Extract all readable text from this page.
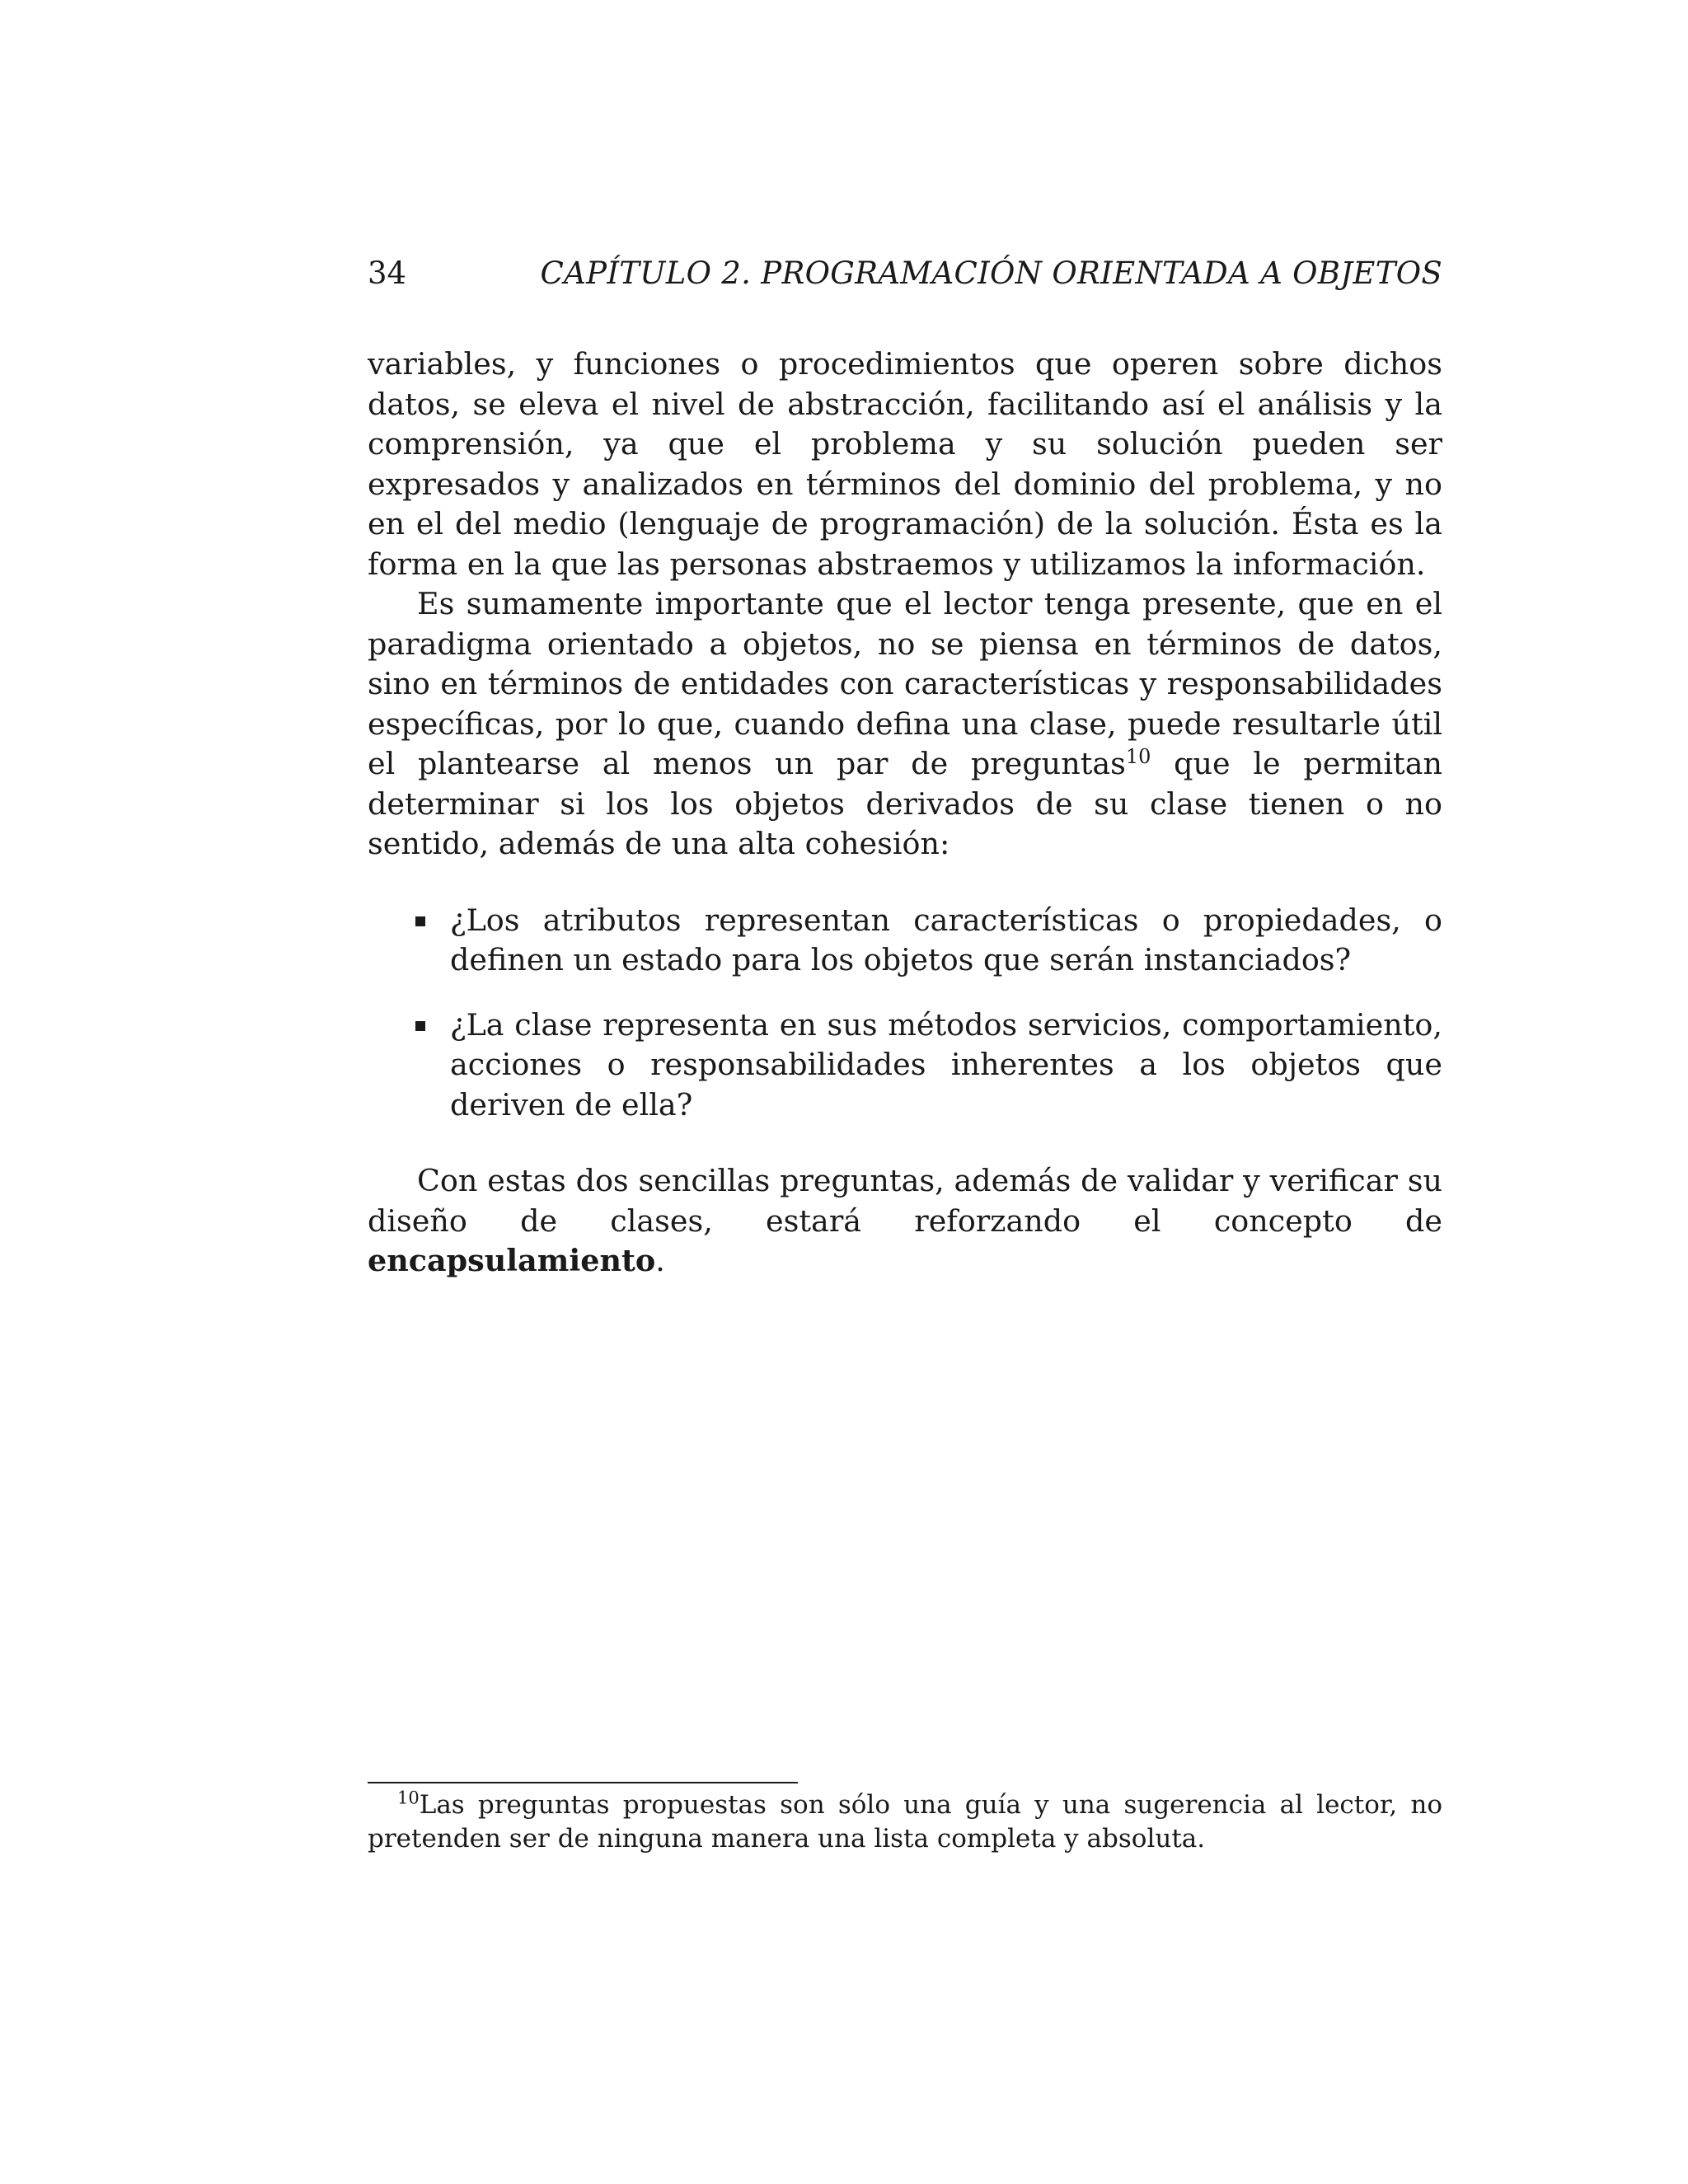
34	CAPÍTULO 2. PROGRAMACIÓN ORIENTADA A OBJETOS

variables, y funciones o procedimientos que operen sobre dichos datos, se eleva el nivel de abstracción, facilitando así el análisis y la comprensión, ya que el problema y su solución pueden ser expresados y analizados en términos del dominio del problema, y no en el del medio (lenguaje de programación) de la solución. Ésta es la forma en la que las personas abstraemos y utilizamos la información.

Es sumamente importante que el lector tenga presente, que en el paradigma orientado a objetos, no se piensa en términos de datos, sino en términos de entidades con características y responsabilidades específicas, por lo que, cuando defina una clase, puede resultarle útil el plantearse al menos un par de preguntas$^{10}$ que le permitan determinar si los los objetos derivados de su clase tienen o no sentido, además de una alta cohesión:

¿Los atributos representan características o propiedades, o definen un estado para los objetos que serán instanciados?
¿La clase representa en sus métodos servicios, comportamiento, acciones o responsabilidades inherentes a los objetos que deriven de ella?

Con estas dos sencillas preguntas, además de validar y verificar su diseño de clases, estará reforzando el concepto de encapsulamiento.

$^{10}$Las preguntas propuestas son sólo una guía y una sugerencia al lector, no pretenden ser de ninguna manera una lista completa y absoluta.
